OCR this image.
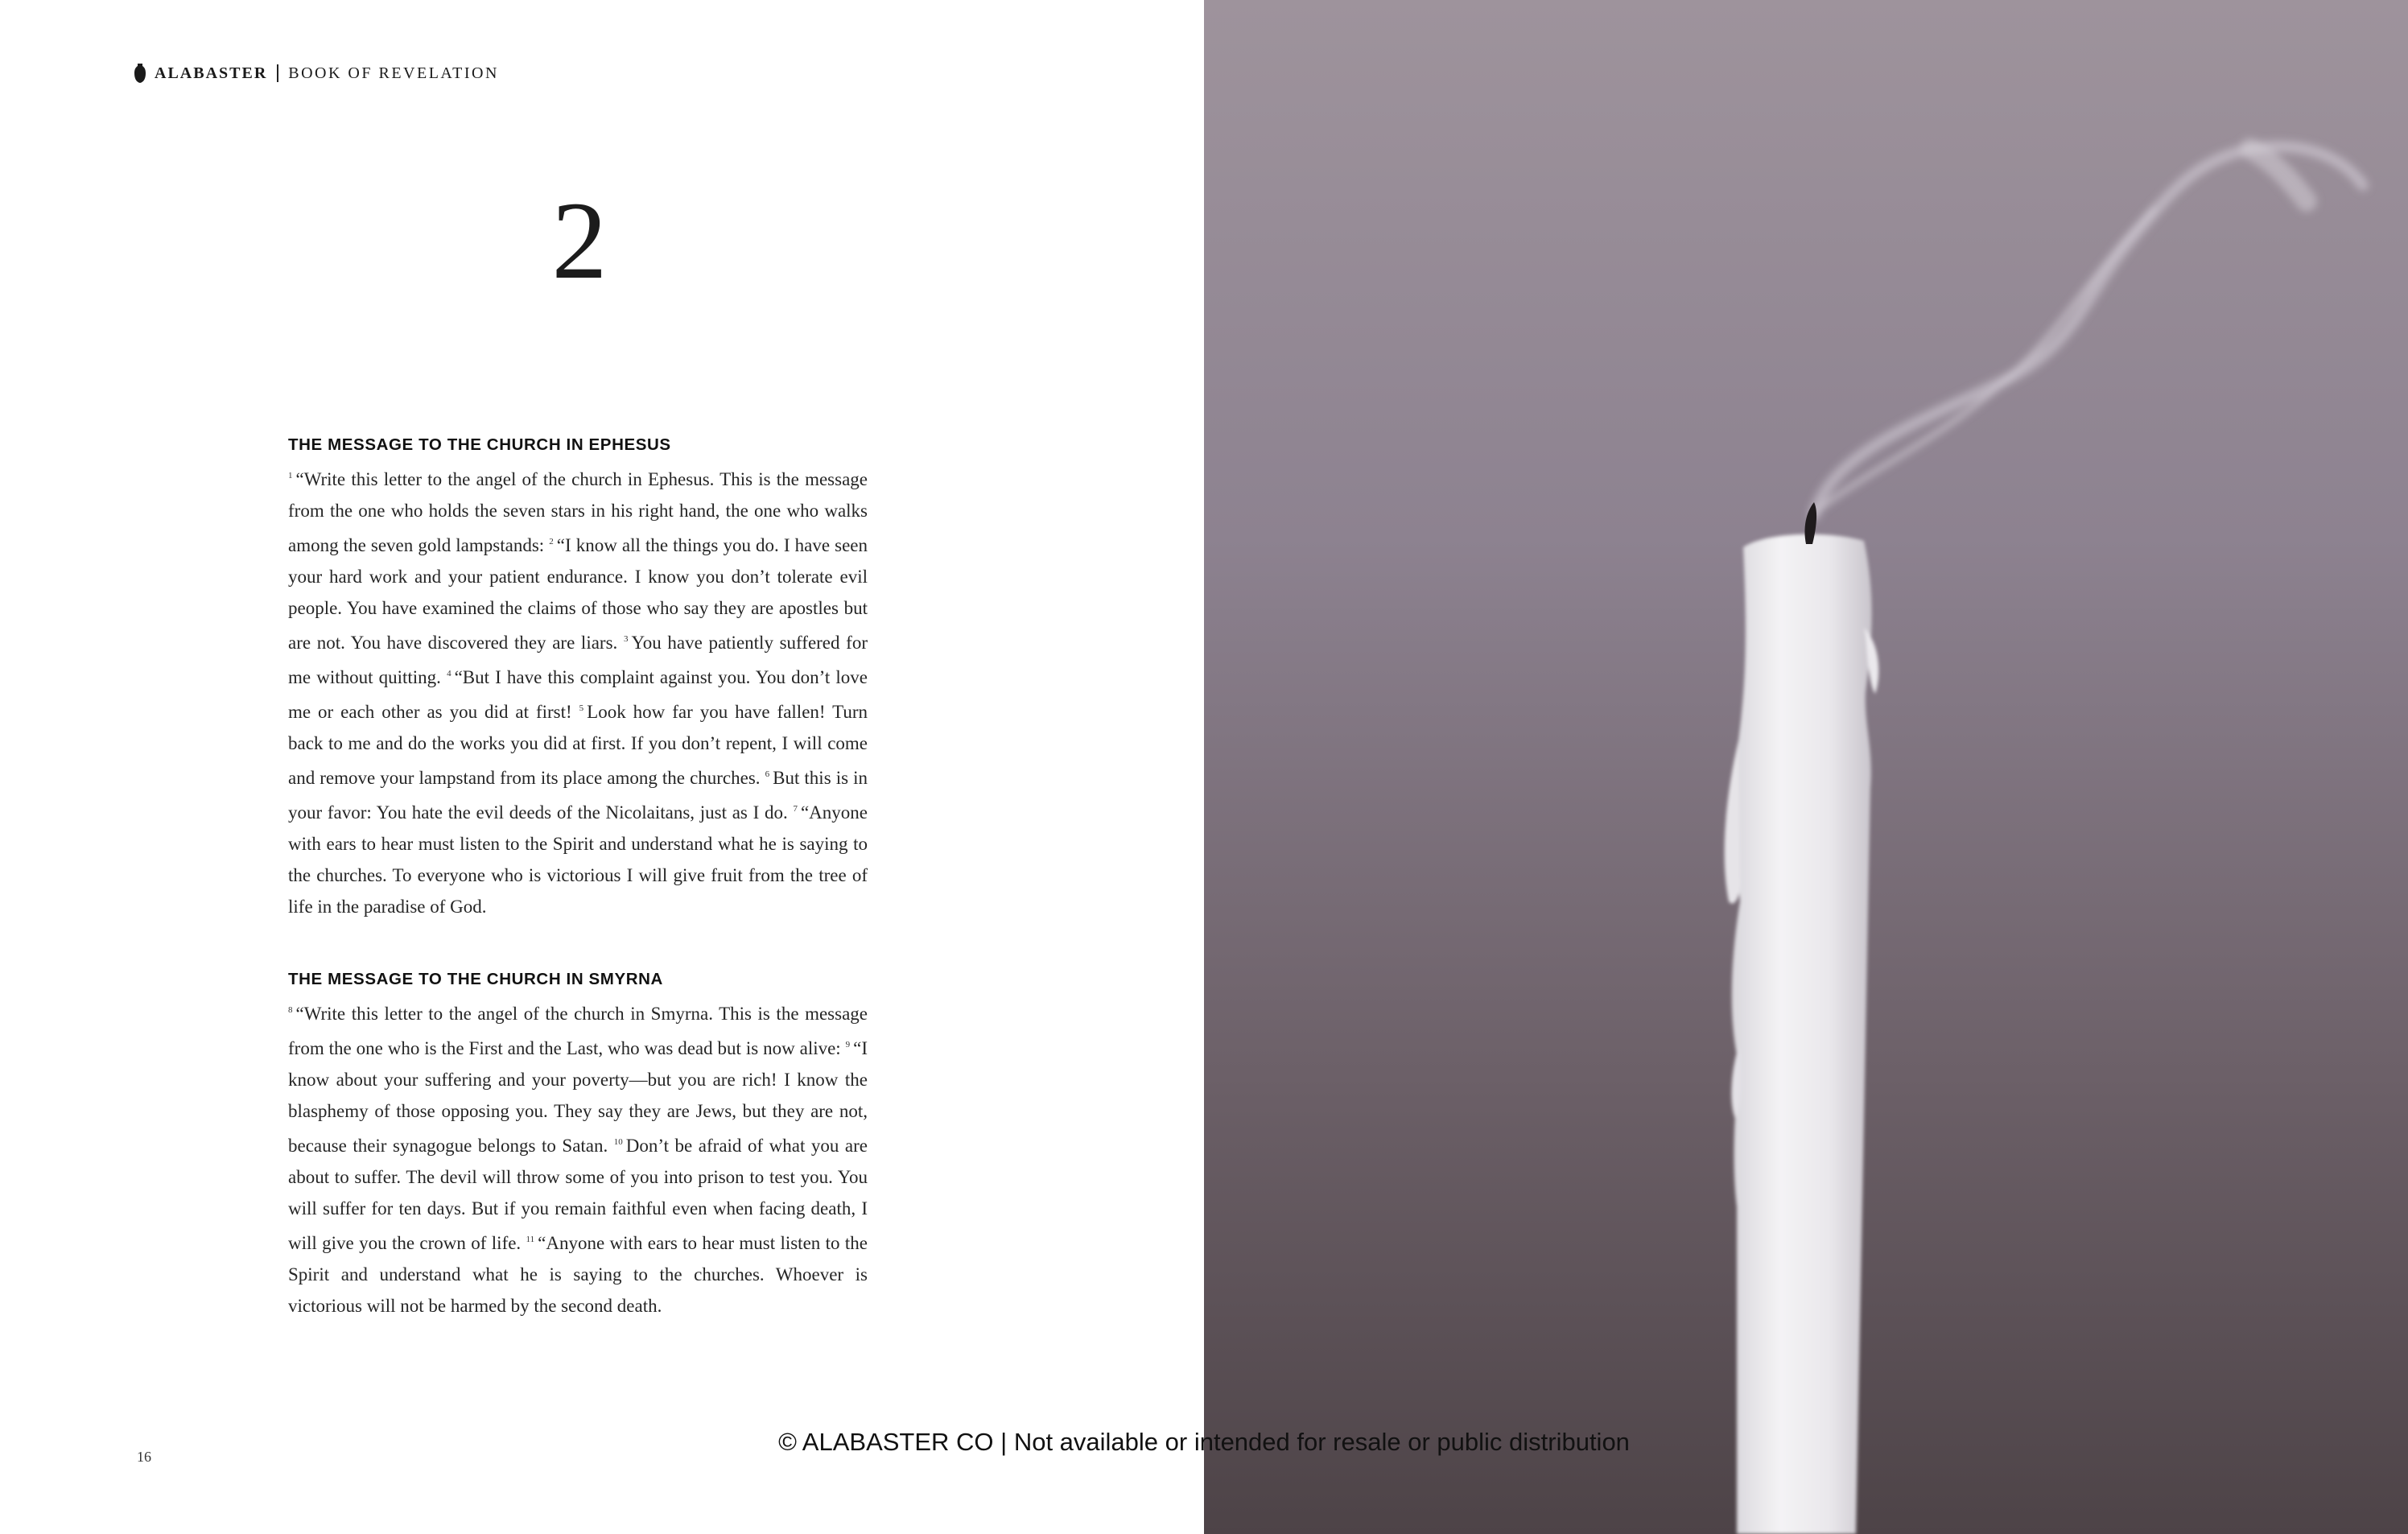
ALABASTER BOOK OF REVELATION
2
THE MESSAGE TO THE CHURCH IN EPHESUS

$^1$ “Write this letter to the angel of the church in Ephesus. This is the message from the one who holds the seven stars in his right hand, the one who walks among the seven gold lampstands: $^2$ “I know all the things you do. I have seen your hard work and your patient endurance. I know you don’t tolerate evil people. You have examined the claims of those who say they are apostles but are not. You have discovered they are liars. $^3$ You have patiently suffered for me without quitting. $^4$ “But I have this complaint against you. You don’t love me or each other as you did at first! $^5$ Look how far you have fallen! Turn back to me and do the works you did at first. If you don’t repent, I will come and remove your lampstand from its place among the churches. $^6$ But this is in your favor: You hate the evil deeds of the Nicolaitans, just as I do. $^7$ “Anyone with ears to hear must listen to the Spirit and understand what he is saying to the churches. To everyone who is victorious I will give fruit from the tree of life in the paradise of God.

THE MESSAGE TO THE CHURCH IN SMYRNA

$^8$ “Write this letter to the angel of the church in Smyrna. This is the message from the one who is the First and the Last, who was dead but is now alive: $^9$ “I know about your suffering and your poverty—but you are rich! I know the blasphemy of those opposing you. They say they are Jews, but they are not, because their synagogue belongs to Satan. $^{10}$ Don’t be afraid of what you are about to suffer. The devil will throw some of you into prison to test you. You will suffer for ten days. But if you remain faithful even when facing death, I will give you the crown of life. $^{11}$ “Anyone with ears to hear must listen to the Spirit and understand what he is saying to the churches. Whoever is victorious will not be harmed by the second death.

16
© ALABASTER CO | Not available or intended for resale or public distribution
